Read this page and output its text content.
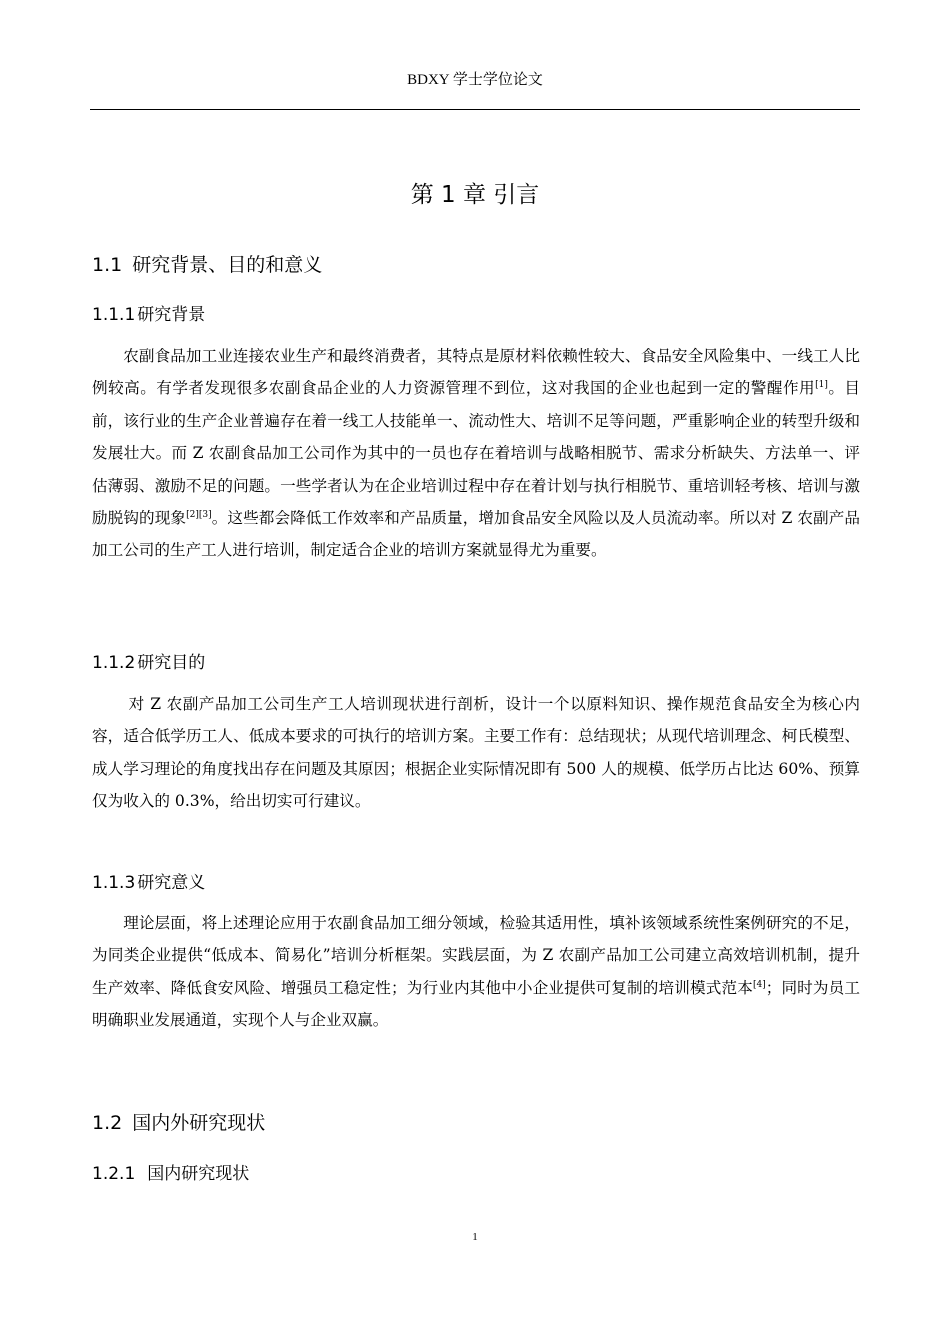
BDXY 学士学位论文
第 1 章 引言
1.1 研究背景、目的和意义
1.1.1 研究背景

农副食品加工业连接农业生产和最终消费者，其特点是原材料依赖性较大、食品安全风险集中、一线工人比例较高。有学者发现很多农副食品企业的人力资源管理不到位，这对我国的企业也起到一定的警醒作用[1]。目前，该行业的生产企业普遍存在着一线工人技能单一、流动性大、培训不足等问题，严重影响企业的转型升级和发展壮大。而 Z 农副食品加工公司作为其中的一员也存在着培训与战略相脱节、需求分析缺失、方法单一、评估薄弱、激励不足的问题。一些学者认为在企业培训过程中存在着计划与执行相脱节、重培训轻考核、培训与激励脱钩的现象[2][3]。这些都会降低工作效率和产品质量，增加食品安全风险以及人员流动率。所以对 Z 农副产品加工公司的生产工人进行培训，制定适合企业的培训方案就显得尤为重要。

1.1.2 研究目的

对 Z 农副产品加工公司生产工人培训现状进行剖析，设计一个以原料知识、操作规范食品安全为核心内容，适合低学历工人、低成本要求的可执行的培训方案。主要工作有：总结现状；从现代培训理念、柯氏模型、成人学习理论的角度找出存在问题及其原因；根据企业实际情况即有 500 人的规模、低学历占比达 60%、预算仅为收入的 0.3%，给出切实可行建议。

1.1.3 研究意义

理论层面，将上述理论应用于农副食品加工细分领域，检验其适用性，填补该领域系统性案例研究的不足，为同类企业提供“低成本、简易化”培训分析框架。实践层面，为 Z 农副产品加工公司建立高效培训机制，提升生产效率、降低食安风险、增强员工稳定性；为行业内其他中小企业提供可复制的培训模式范本[4]；同时为员工明确职业发展通道，实现个人与企业双赢。

1.2 国内外研究现状
1.2.1 国内研究现状
1
